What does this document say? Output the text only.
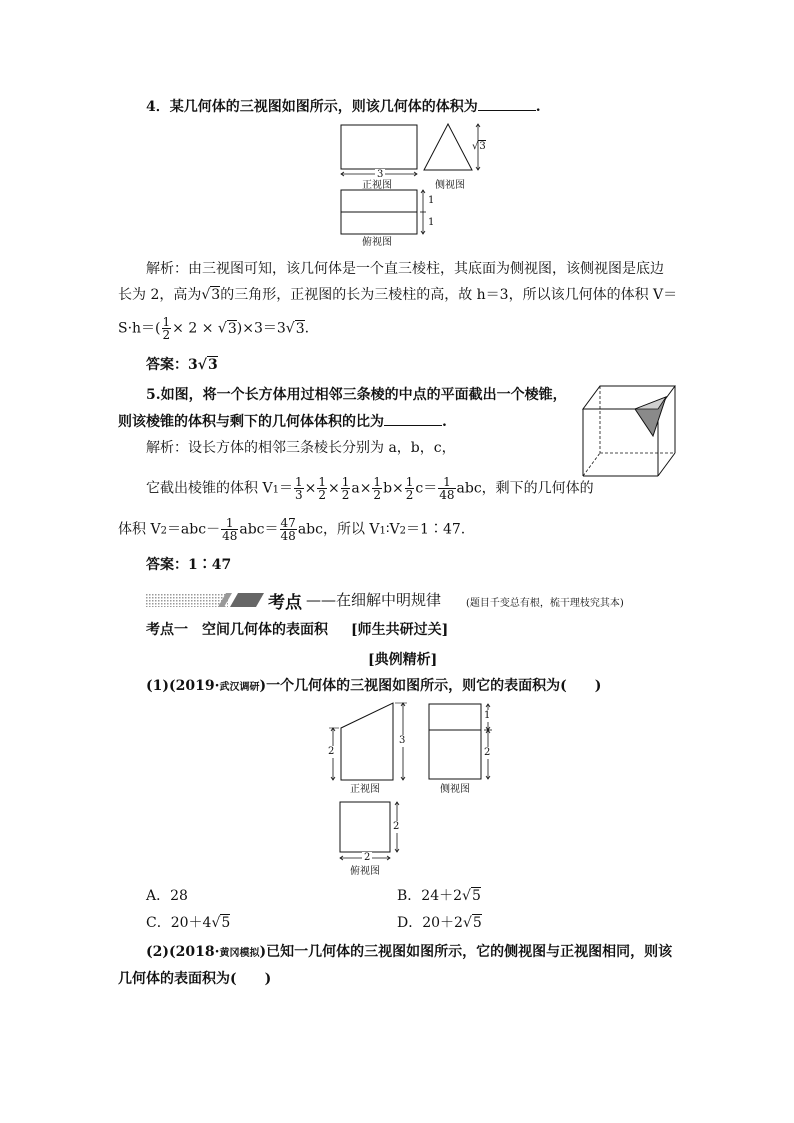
4．某几何体的三视图如图所示，则该几何体的体积为	.
3
正视图
√3
侧视图
1
1
俯视图
解析：由三视图可知，该几何体是一个直三棱柱，其底面为侧视图，该侧视图是底边
长为 2，高为√3的三角形，正视图的长为三棱柱的高，故 h＝3，所以该几何体的体积 V＝
$S\cdot h=( \frac{1}{2} \times 2 \times √3)\times 3=3√3$.
答案：3√3
5.如图，将一个长方体用过相邻三条棱的中点的平面截出一个棱锥，
则该棱锥的体积与剩下的几何体体积的比为	.
解析：设长方体的相邻三条棱长分别为 a，b，c，
它截出棱锥的体积 $V1= \frac{1}{3} \times \frac{1}{2} \times \frac{1}{2} a\times \frac{1}{2} b\times \frac{1}{2} c= \frac{1}{48}$ abc，剩下的几何体的
体积 $V2=abc- \frac{1}{48} abc= \frac{47}{48}$ abc，所以 V1∶V2＝1∶47.
答案：1∶47
考点 ——在细解中明规律 (题目千变总有根，梳干理枝究其本)
考点一　空间几何体的表面积 [师生共研过关]
[典例精析]
(1)(2019·武汉调研)一个几何体的三视图如图所示，则它的表面积为(　　)
2
3
正视图
1
2
侧视图
2
2
俯视图
A．28	B．24＋2√5
C．20＋4√5	D．20＋2√5
(2)(2018·黄冈模拟)已知一几何体的三视图如图所示，它的侧视图与正视图相同，则该
几何体的表面积为(　　)
